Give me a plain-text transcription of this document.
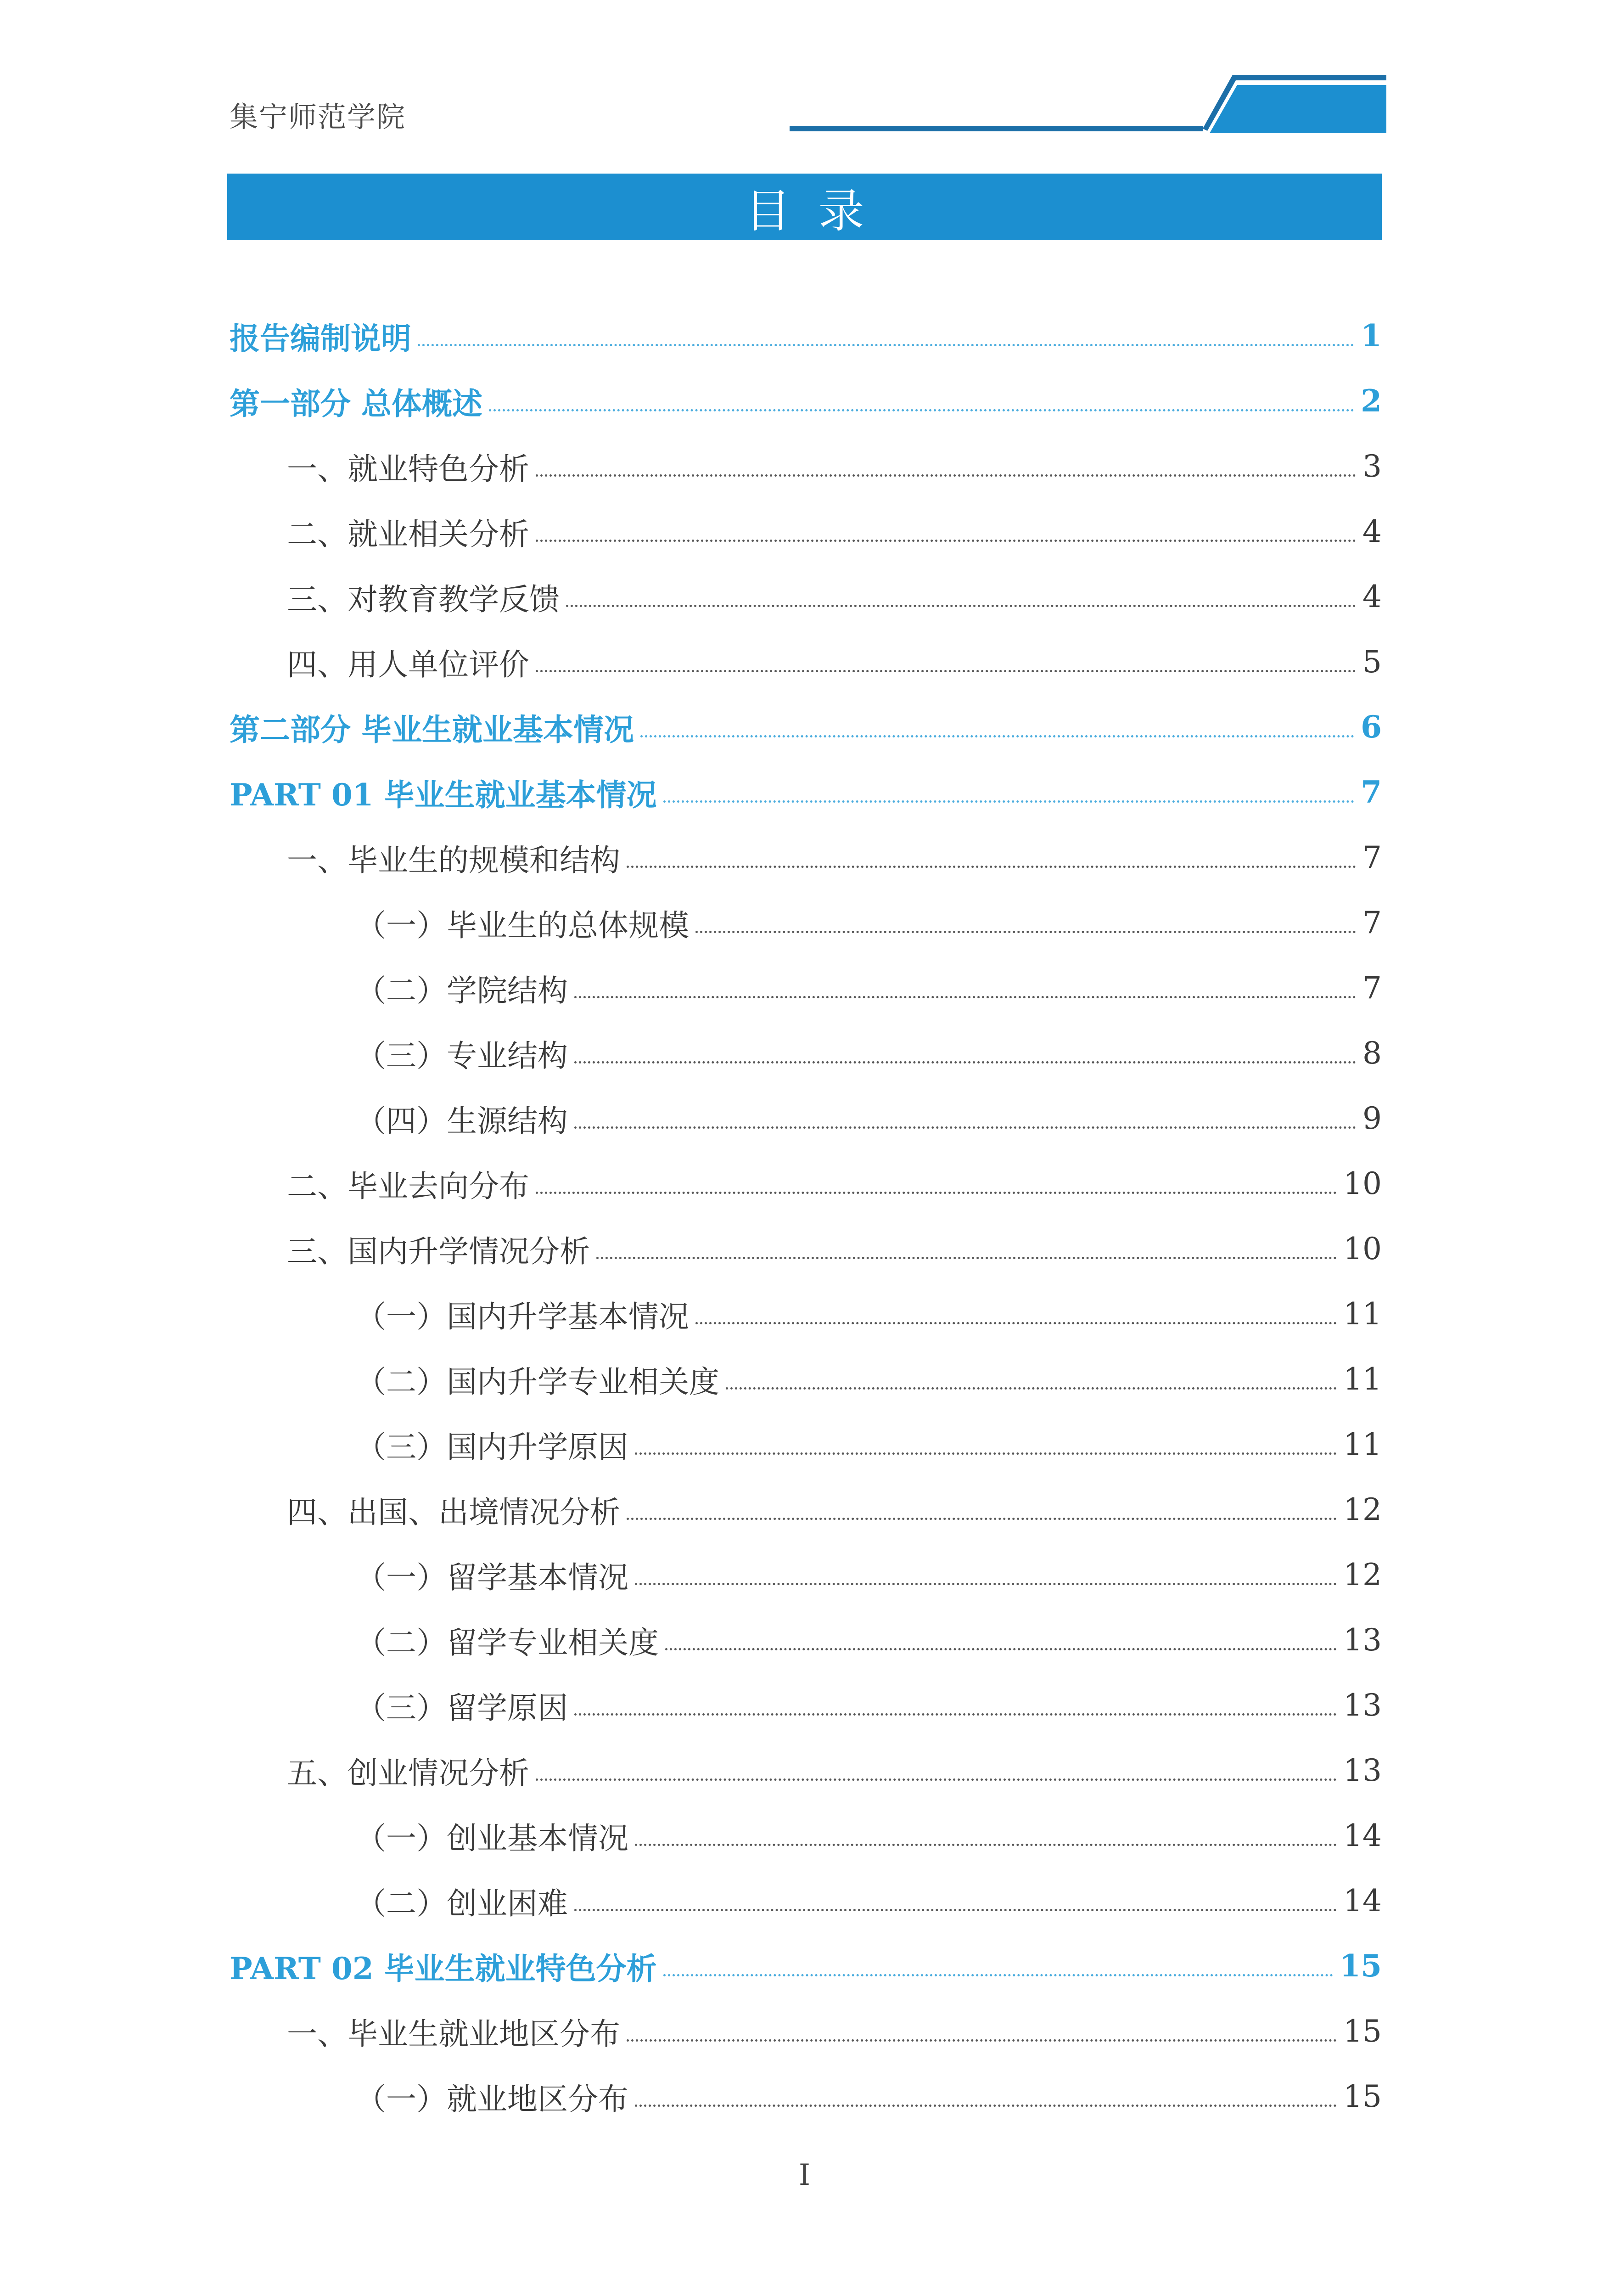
集宁师范学院
目录
报告编制说明	1
第一部分 总体概述	2
一、就业特色分析	3
二、就业相关分析	4
三、对教育教学反馈	4
四、用人单位评价	5
第二部分 毕业生就业基本情况	6
PART 01 毕业生就业基本情况	7
一、毕业生的规模和结构	7
（一）毕业生的总体规模	7
（二）学院结构	7
（三）专业结构	8
（四）生源结构	9
二、毕业去向分布	10
三、国内升学情况分析	10
（一）国内升学基本情况	11
（二）国内升学专业相关度	11
（三）国内升学原因	11
四、出国、出境情况分析	12
（一）留学基本情况	12
（二）留学专业相关度	13
（三）留学原因	13
五、创业情况分析	13
（一）创业基本情况	14
（二）创业困难	14
PART 02 毕业生就业特色分析	15
一、毕业生就业地区分布	15
（一）就业地区分布	15
I
